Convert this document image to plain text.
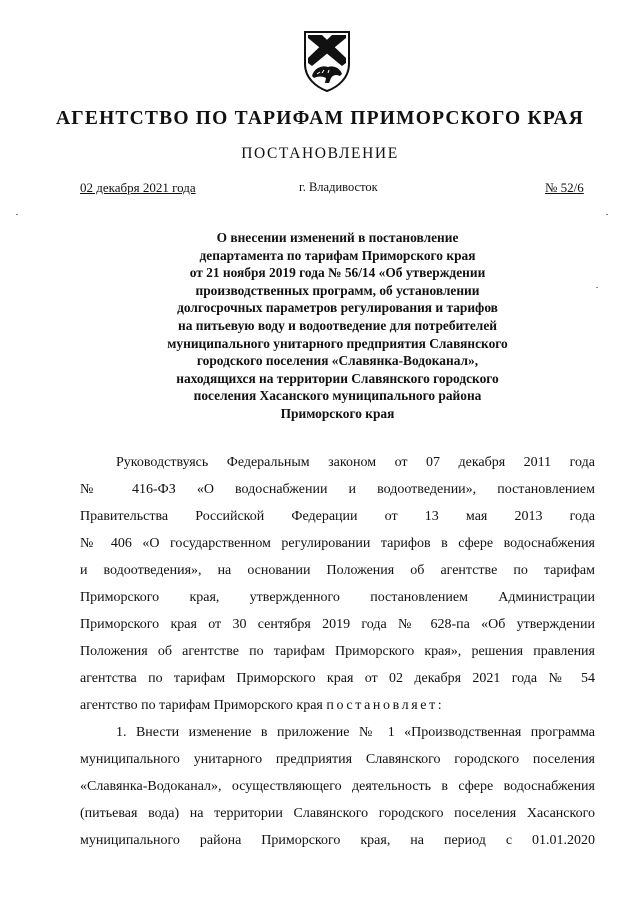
АГЕНТСТВО ПО ТАРИФАМ ПРИМОРСКОГО КРАЯ
ПОСТАНОВЛЕНИЕ
02 декабря 2021 года	г. Владивосток	№ 52/6
О внесении изменений в постановление
департамента по тарифам Приморского края
от 21 ноября 2019 года № 56/14 «Об утверждении
производственных программ, об установлении
долгосрочных параметров регулирования и тарифов
на питьевую воду и водоотведение для потребителей
муниципального унитарного предприятия Славянского
городского поселения «Славянка-Водоканал»,
находящихся на территории Славянского городского
поселения Хасанского муниципального района
Приморского края
Руководствуясь Федеральным законом от 07 декабря 2011 года
№ 416-ФЗ «О водоснабжении и водоотведении», постановлением
Правительства Российской Федерации от 13 мая 2013 года
№ 406 «О государственном регулировании тарифов в сфере водоснабжения
и водоотведения», на основании Положения об агентстве по тарифам
Приморского края, утвержденного постановлением Администрации
Приморского края от 30 сентября 2019 года № 628-па «Об утверждении
Положения об агентстве по тарифам Приморского края», решения правления
агентства по тарифам Приморского края от 02 декабря 2021 года № 54
агентство по тарифам Приморского края постановляет:
1. Внести изменение в приложение № 1 «Производственная программа
муниципального унитарного предприятия Славянского городского поселения
«Славянка-Водоканал», осуществляющего деятельность в сфере водоснабжения
(питьевая вода) на территории Славянского городского поселения Хасанского
муниципального района Приморского края, на период с 01.01.2020
